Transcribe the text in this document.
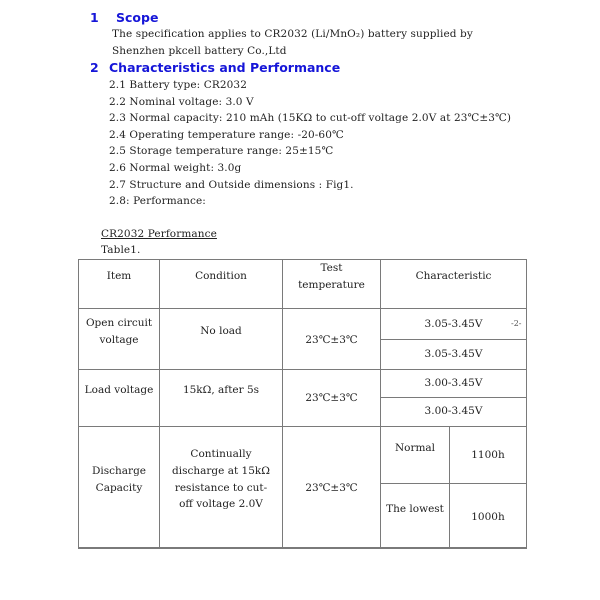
1 Scope
The specification applies to CR2032 (Li/MnO₂) battery supplied by
Shenzhen pkcell battery Co.,Ltd
2 Characteristics and Performance
2.1 Battery type: CR2032
2.2 Nominal voltage: 3.0 V
2.3 Normal capacity: 210 mAh (15KΩ to cut-off voltage 2.0V at 23℃±3℃)
2.4 Operating temperature range: -20-60℃
2.5 Storage temperature range: 25±15℃
2.6 Normal weight: 3.0g
2.7 Structure and Outside dimensions : Fig1.
2.8: Performance:
CR2032 Performance
Table1.
Item	Condition
Test
temperature
Characteristic
Open circuit
voltage
No load
23℃±3℃
3.05-3.45V
3.05-3.45V
Load voltage	15kΩ, after 5s
23℃±3℃
3.00-3.45V
3.00-3.45V
Discharge
Capacity
Continually
discharge at 15kΩ
resistance to cut-
off voltage 2.0V
23℃±3℃
Normal
1100h
The lowest
1000h
-2-
